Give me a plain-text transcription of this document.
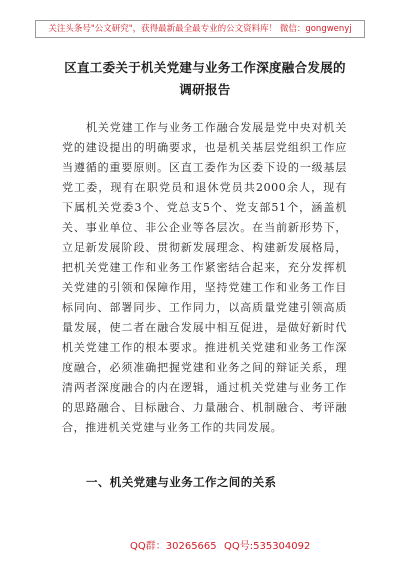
关注头条号"公文研究"，获得最新最全最专业的公文资料库！ 微信：gongwenyj
区直工委关于机关党建与业务工作深度融合发展的调研报告

机关党建工作与业务工作融合发展是党中央对机关党的建设提出的明确要求，也是机关基层党组织工作应当遵循的重要原则。区直工委作为区委下设的一级基层党工委，现有在职党员和退休党员共2000余人，现有下属机关党委3个、党总支5个、党支部51个，涵盖机关、事业单位、非公企业等各层次。在当前新形势下，立足新发展阶段、贯彻新发展理念、构建新发展格局，把机关党建工作和业务工作紧密结合起来，充分发挥机关党建的引领和保障作用，坚持党建工作和业务工作目标同向、部署同步、工作同力，以高质量党建引领高质量发展，使二者在融合发展中相互促进，是做好新时代机关党建工作的根本要求。推进机关党建和业务工作深度融合，必须准确把握党建和业务之间的辩证关系，理清两者深度融合的内在逻辑，通过机关党建与业务工作的思路融合、目标融合、力量融合、机制融合、考评融合，推进机关党建与业务工作的共同发展。

一、机关党建与业务工作之间的关系
QQ群：30265665 QQ号:535304092
